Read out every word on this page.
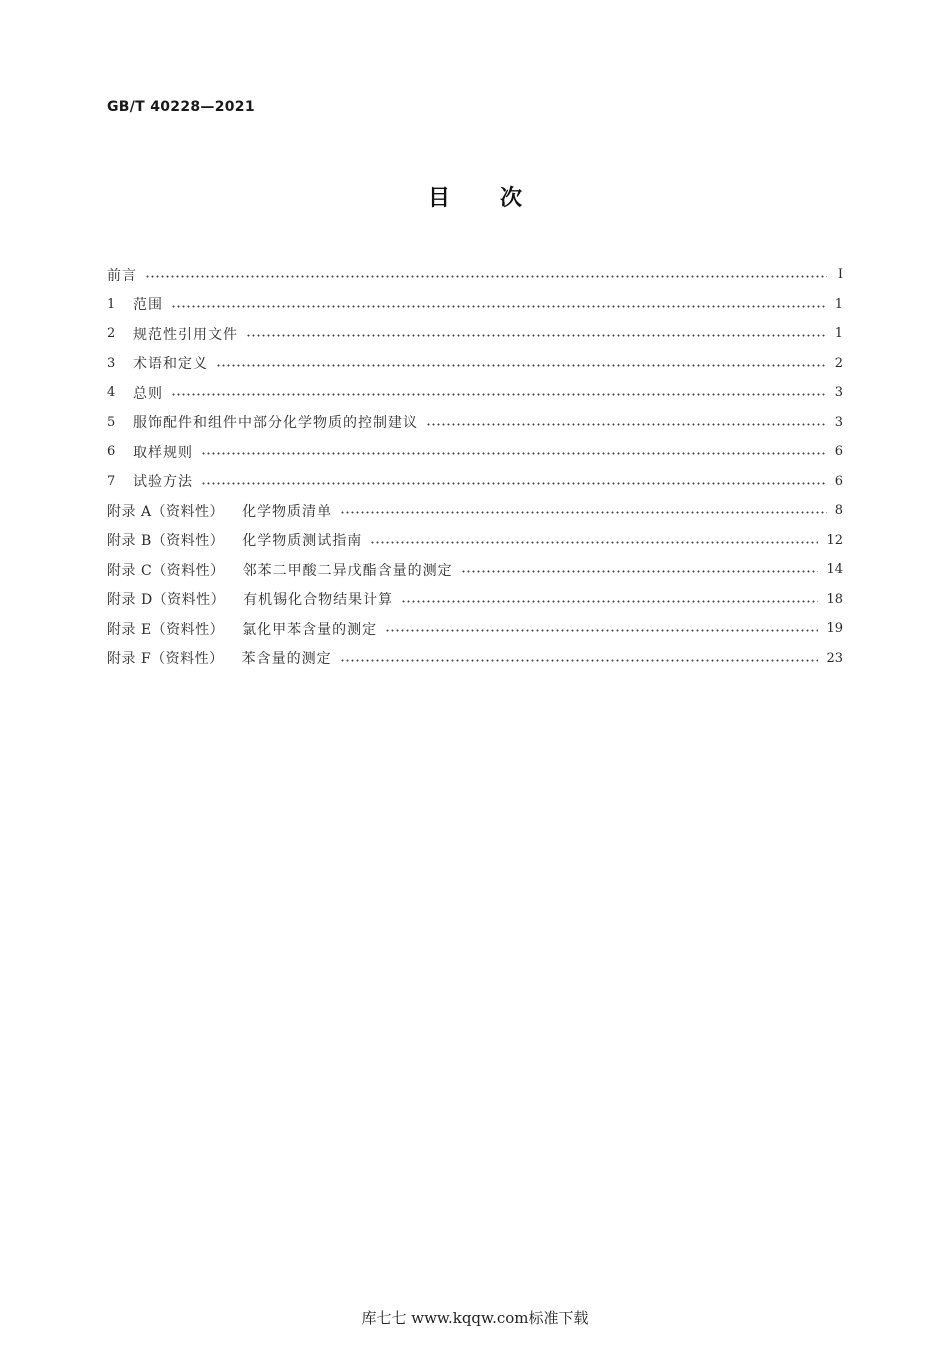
GB/T 40228—2021
目 次
前言	Ⅰ
1	范围	1
2	规范性引用文件	1
3	术语和定义	2
4	总则	3
5	服饰配件和组件中部分化学物质的控制建议	3
6	取样规则	6
7	试验方法	6
附录 A（资料性） 化学物质清单	8
附录 B（资料性） 化学物质测试指南	12
附录 C（资料性） 邻苯二甲酸二异戊酯含量的测定	14
附录 D（资料性） 有机锡化合物结果计算	18
附录 E（资料性） 氯化甲苯含量的测定	19
附录 F（资料性） 苯含量的测定	23
库七七 www.kqqw.com标准下载
